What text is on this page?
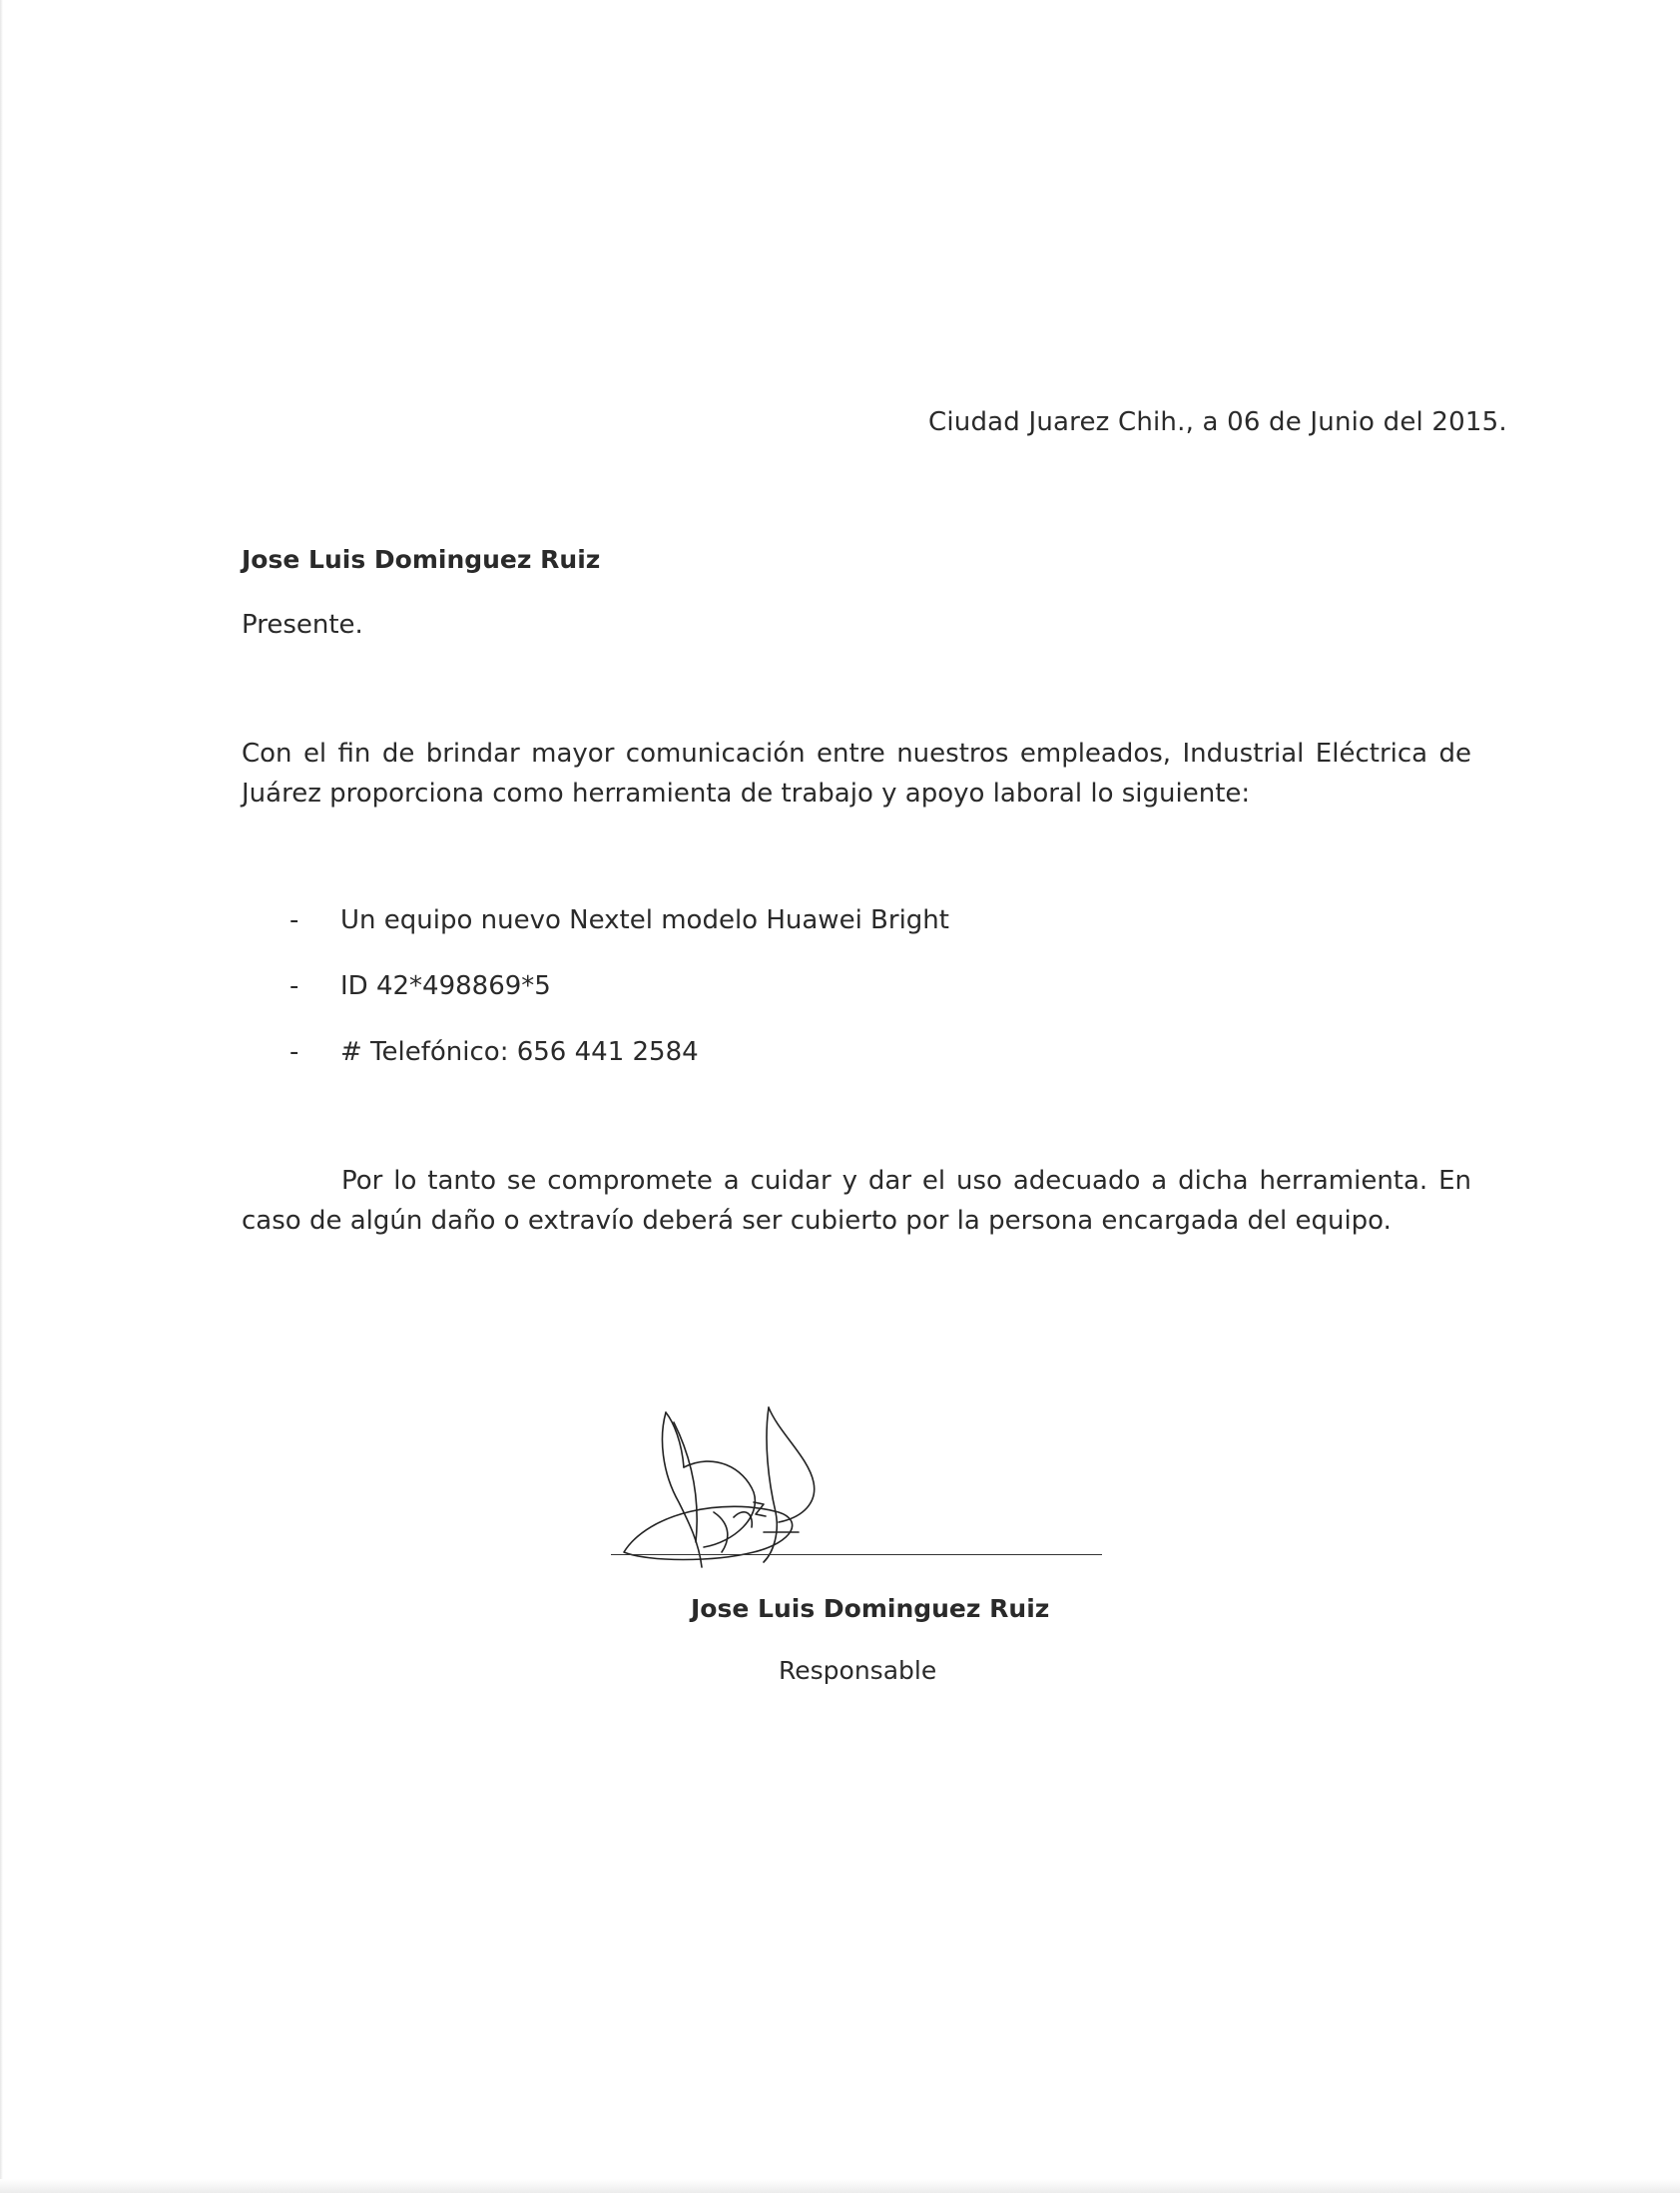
Ciudad Juarez Chih., a 06 de Junio del 2015.
Jose Luis Dominguez Ruiz
Presente.

Con el fin de brindar mayor comunicación entre nuestros empleados, Industrial Eléctrica de Juárez proporciona como herramienta de trabajo y apoyo laboral lo siguiente:

-	Un equipo nuevo Nextel modelo Huawei Bright
-	ID 42*498869*5
-	# Telefónico: 656 441 2584

Por lo tanto se compromete a cuidar y dar el uso adecuado a dicha herramienta. En caso de algún daño o extravío deberá ser cubierto por la persona encargada del equipo.

Jose Luis Dominguez Ruiz
Responsable
